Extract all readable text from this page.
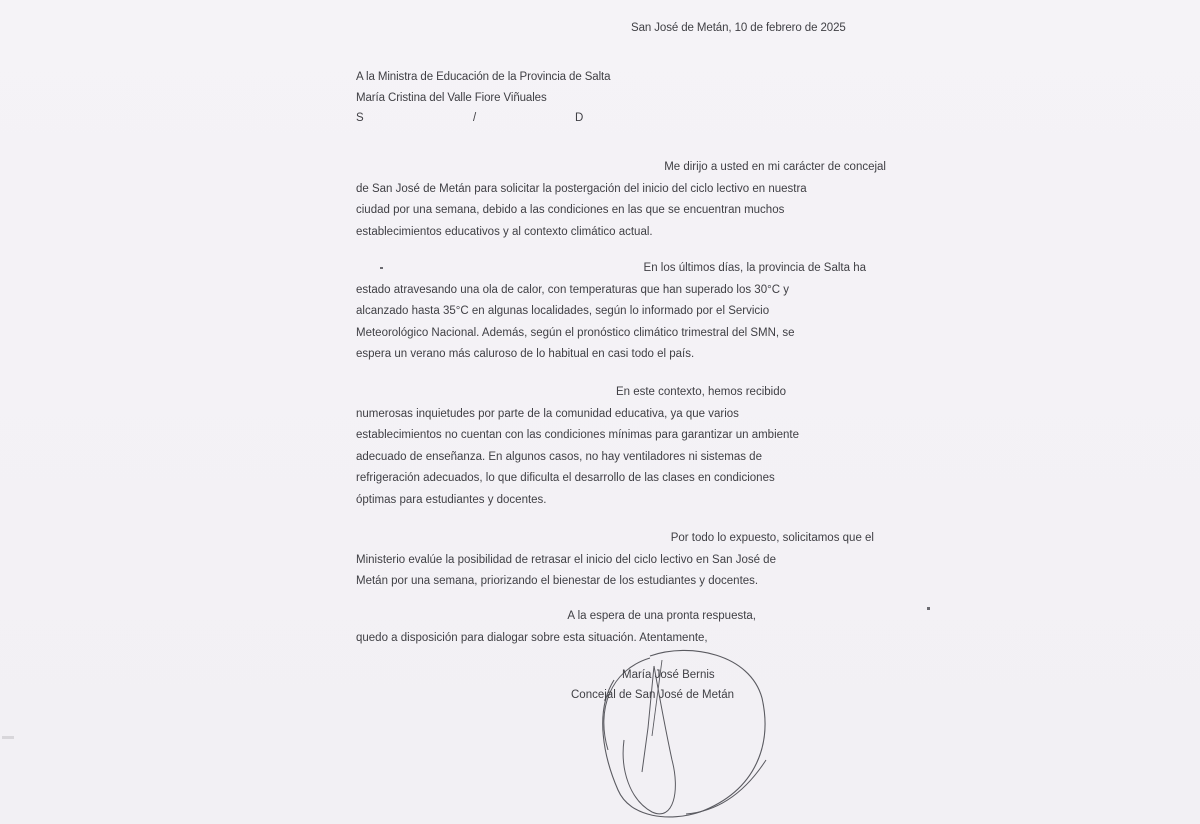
San José de Metán, 10 de febrero de 2025
A la Ministra de Educación de la Provincia de Salta
María Cristina del Valle Fiore Viñuales
S	/	D
Me dirijo a usted en mi carácter de concejal
de San José de Metán para solicitar la postergación del inicio del ciclo lectivo en nuestra
ciudad por una semana, debido a las condiciones en las que se encuentran muchos
establecimientos educativos y al contexto climático actual.
En los últimos días, la provincia de Salta ha
estado atravesando una ola de calor, con temperaturas que han superado los 30°C y
alcanzado hasta 35°C en algunas localidades, según lo informado por el Servicio
Meteorológico Nacional. Además, según el pronóstico climático trimestral del SMN, se
espera un verano más caluroso de lo habitual en casi todo el país.
En este contexto, hemos recibido
numerosas inquietudes por parte de la comunidad educativa, ya que varios
establecimientos no cuentan con las condiciones mínimas para garantizar un ambiente
adecuado de enseñanza. En algunos casos, no hay ventiladores ni sistemas de
refrigeración adecuados, lo que dificulta el desarrollo de las clases en condiciones
óptimas para estudiantes y docentes.
Por todo lo expuesto, solicitamos que el
Ministerio evalúe la posibilidad de retrasar el inicio del ciclo lectivo en San José de
Metán por una semana, priorizando el bienestar de los estudiantes y docentes.
A la espera de una pronta respuesta,
quedo a disposición para dialogar sobre esta situación. Atentamente,
María José Bernis
Concejal de San José de Metán
